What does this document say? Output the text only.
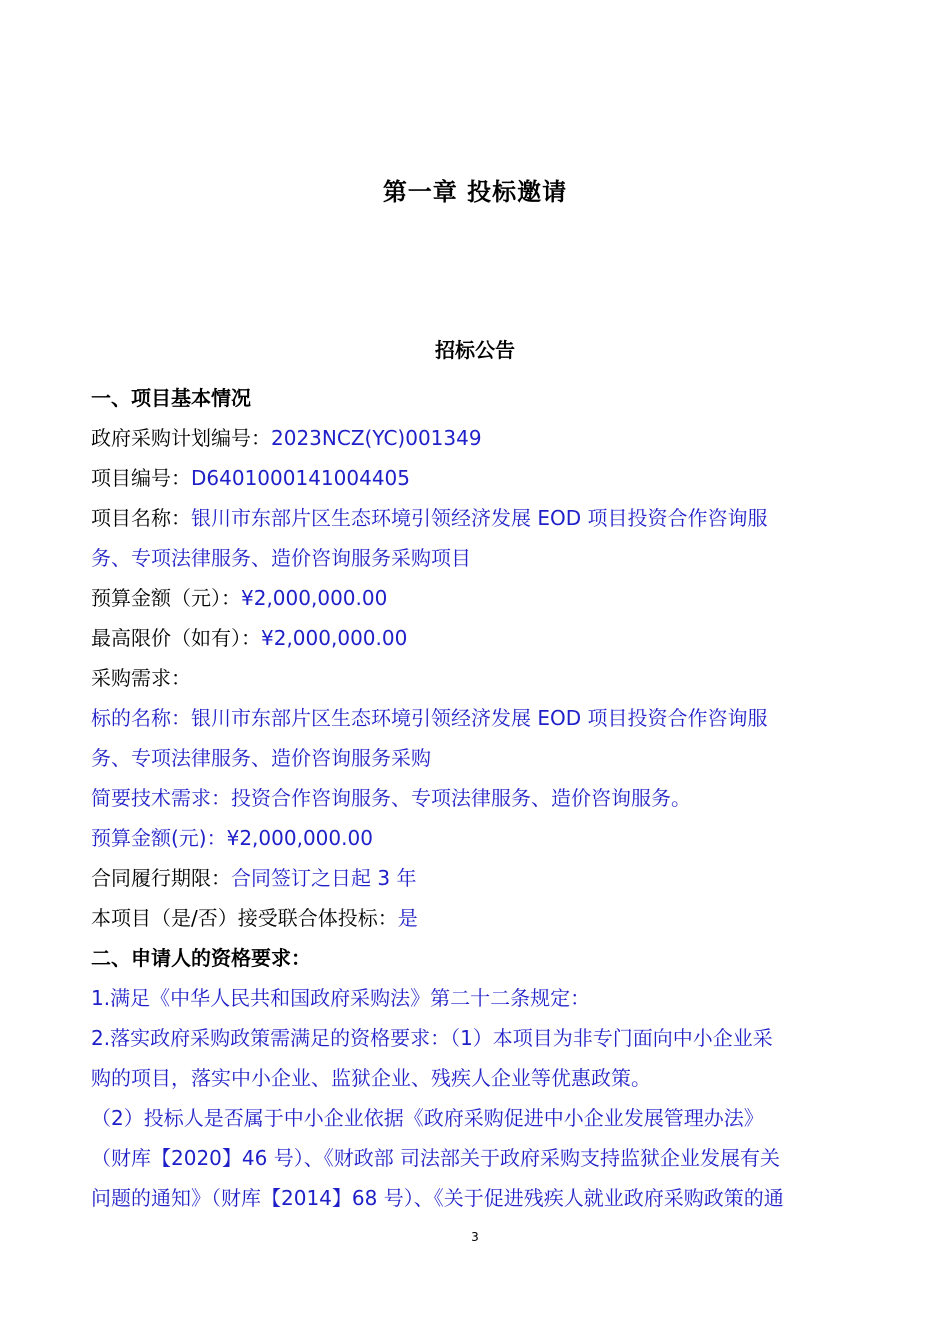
第一章 投标邀请
招标公告

一、项目基本情况

政府采购计划编号：2023NCZ(YC)001349

项目编号：D6401000141004405

项目名称：银川市东部片区生态环境引领经济发展 EOD 项目投资合作咨询服

务、专项法律服务、造价咨询服务采购项目

预算金额（元）：¥2,000,000.00

最高限价（如有）：¥2,000,000.00

采购需求：

标的名称：银川市东部片区生态环境引领经济发展 EOD 项目投资合作咨询服

务、专项法律服务、造价咨询服务采购

简要技术需求：投资合作咨询服务、专项法律服务、造价咨询服务。

预算金额(元)：¥2,000,000.00

合同履行期限：合同签订之日起 3 年

本项目（是/否）接受联合体投标：是

二、申请人的资格要求：

1.满足《中华人民共和国政府采购法》第二十二条规定：

2.落实政府采购政策需满足的资格要求：（1）本项目为非专门面向中小企业采

购的项目，落实中小企业、监狱企业、残疾人企业等优惠政策。

（2）投标人是否属于中小企业依据《政府采购促进中小企业发展管理办法》

（财库【2020】46 号）、《财政部 司法部关于政府采购支持监狱企业发展有关

问题的通知》（财库【2014】68 号）、《关于促进残疾人就业政府采购政策的通

3
